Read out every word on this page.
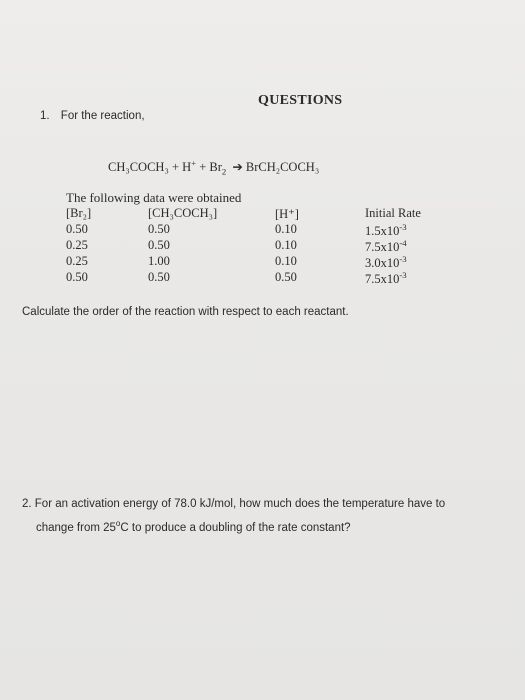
QUESTIONS
1. For the reaction,
CH₃COCH₃ + $H^+ + Br_2$ ➔ BrCH₂COCH₃
The following data were obtained
[Br₂]	[CH₃COCH₃]	[H⁺]	Initial Rate
0.50	0.50	0.10	$1.5x10^{-3}$
0.25	0.50	0.10	$7.5x10^{-4}$
0.25	1.00	0.10	$3.0x10^{-3}$
0.50	0.50	0.50	$7.5x10^{-3}$
Calculate the order of the reaction with respect to each reactant.
2. For an activation energy of 78.0 kJ/mol, how much does the temperature have to
change from 25$^o$C to produce a doubling of the rate constant?
